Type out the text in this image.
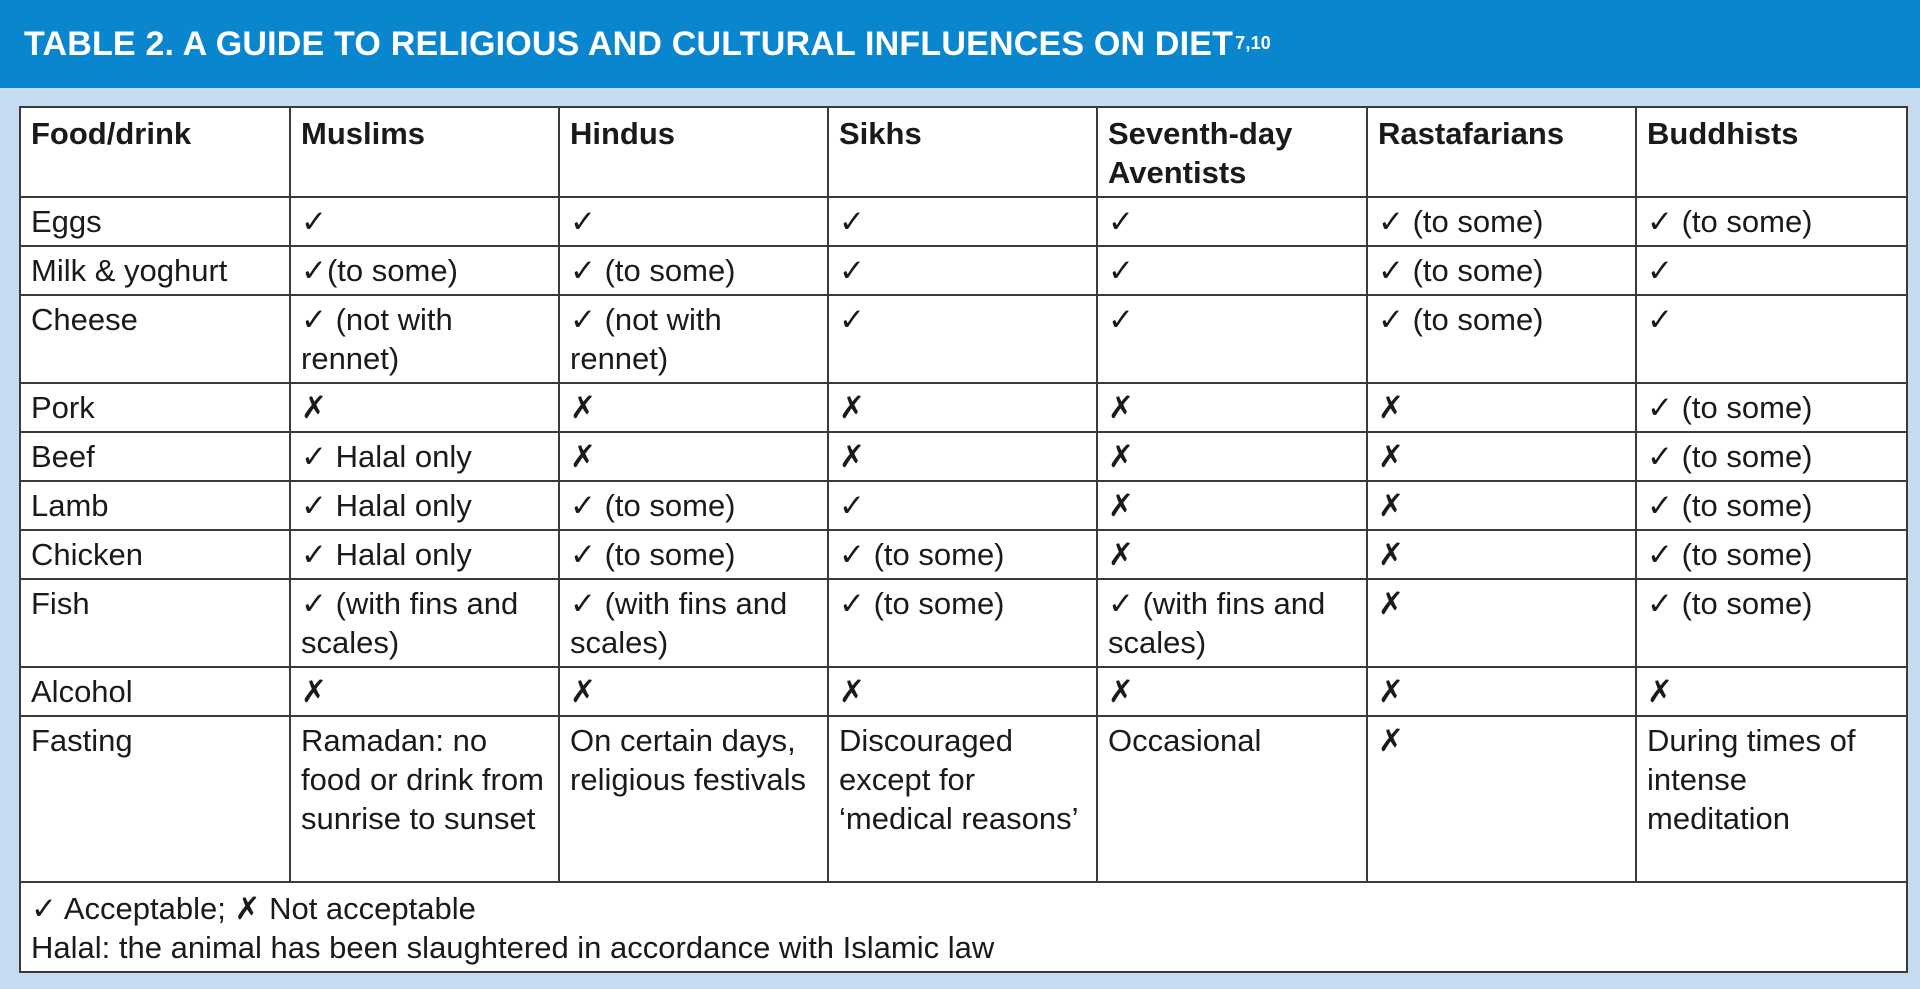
TABLE 2. A GUIDE TO RELIGIOUS AND CULTURAL INFLUENCES ON DIET $^{7,10}$
Food/drink	Muslims	Hindus	Sikhs	Seventh-day Aventists	Rastafarians	Buddhists
Eggs	✓	✓	✓	✓	✓ (to some)	✓ (to some)
Milk & yoghurt	✓(to some)	✓ (to some)	✓	✓	✓ (to some)	✓
Cheese	✓ (not with rennet)	✓ (not with rennet)	✓	✓	✓ (to some)	✓
Pork	✗	✗	✗	✗	✗	✓ (to some)
Beef	✓ Halal only	✗	✗	✗	✗	✓ (to some)
Lamb	✓ Halal only	✓ (to some)	✓	✗	✗	✓ (to some)
Chicken	✓ Halal only	✓ (to some)	✓ (to some)	✗	✗	✓ (to some)
Fish	✓ (with fins and scales)	✓ (with fins and scales)	✓ (to some)	✓ (with fins and scales)	✗	✓ (to some)
Alcohol	✗	✗	✗	✗	✗	✗
Fasting	Ramadan: no food or drink from sunrise to sunset	On certain days, religious festivals	Discouraged except for ‘medical reasons’	Occasional	✗	During times of intense meditation

✓ Acceptable; ✗ Not acceptable
Halal: the animal has been slaughtered in accordance with Islamic law						
